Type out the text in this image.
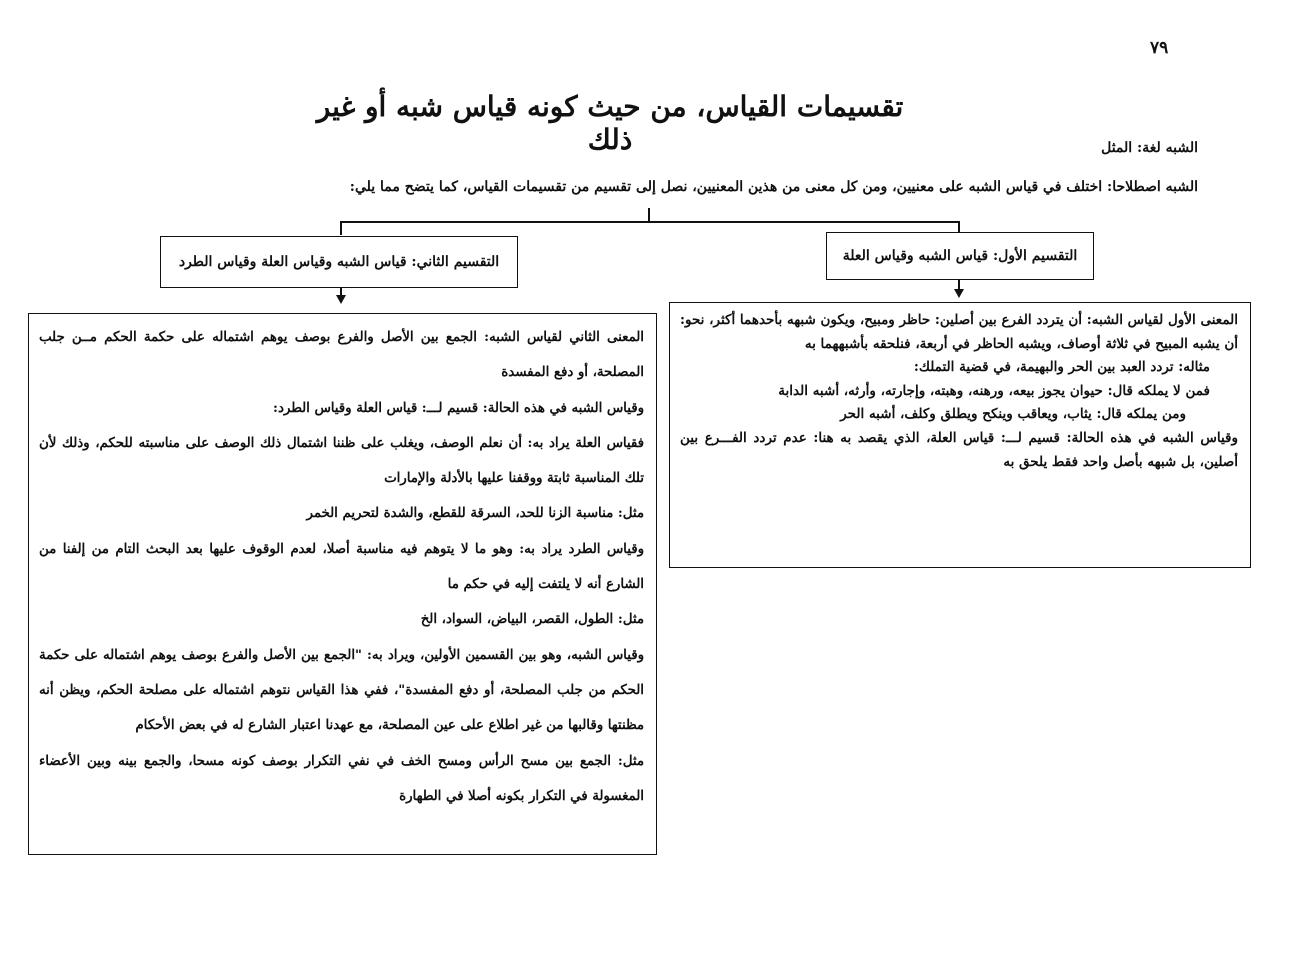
٧٩
تقسيمات القياس، من حيث كونه قياس شبه أو غير ذلك	الشبه لغة: المثل
الشبه اصطلاحا: اختلف في قياس الشبه على معنيين، ومن كل معنى من هذين المعنيين، نصل إلى تقسيم من تقسيمات القياس، كما يتضح مما يلي:
التقسيم الثاني: قياس الشبه وقياس العلة وقياس الطرد	التقسيم الأول: قياس الشبه وقياس العلة

المعنى الأول لقياس الشبه: أن يتردد الفرع بين أصلين: حاظر ومبيح، ويكون شبهه بأحدهما أكثر، نحو: أن يشبه المبيح في ثلاثة أوصاف، ويشبه الحاظر في أربعة، فنلحقه بأشبههما به

مثاله: تردد العبد بين الحر والبهيمة، في قضية التملك:

فمن لا يملكه قال: حيوان يجوز بيعه، ورهنه، وهبته، وإجارته، وأرثه، أشبه الدابة

ومن يملكه قال: يثاب، ويعاقب وينكح ويطلق وكلف، أشبه الحر

وقياس الشبه في هذه الحالة: قسيم لـــ: قياس العلة، الذي يقصد به هنا: عدم تردد الفـــرع بين أصلين، بل شبهه بأصل واحد فقط يلحق به

المعنى الثاني لقياس الشبه: الجمع بين الأصل والفرع بوصف يوهم اشتماله على حكمة الحكم مــن جلب المصلحة، أو دفع المفسدة

وقياس الشبه في هذه الحالة: قسيم لـــ: قياس العلة وقياس الطرد:

فقياس العلة يراد به: أن نعلم الوصف، ويغلب على ظننا اشتمال ذلك الوصف على مناسبته للحكم، وذلك لأن تلك المناسبة ثابتة ووقفنا عليها بالأدلة والإمارات

مثل: مناسبة الزنا للحد، السرقة للقطع، والشدة لتحريم الخمر

وقياس الطرد يراد به: وهو ما لا يتوهم فيه مناسبة أصلا، لعدم الوقوف عليها بعد البحث التام من إلفنا من الشارع أنه لا يلتفت إليه في حكم ما

مثل: الطول، القصر، البياض، السواد، الخ

وقياس الشبه، وهو بين القسمين الأولين، ويراد به: "الجمع بين الأصل والفرع بوصف يوهم اشتماله على حكمة الحكم من جلب المصلحة، أو دفع المفسدة"، ففي هذا القياس نتوهم اشتماله على مصلحة الحكم، ويظن أنه مظنتها وقالبها من غير اطلاع على عين المصلحة، مع عهدنا اعتبار الشارع له في بعض الأحكام

مثل: الجمع بين مسح الرأس ومسح الخف في نفي التكرار بوصف كونه مسحا، والجمع بينه وبين الأعضاء المغسولة في التكرار بكونه أصلا في الطهارة
